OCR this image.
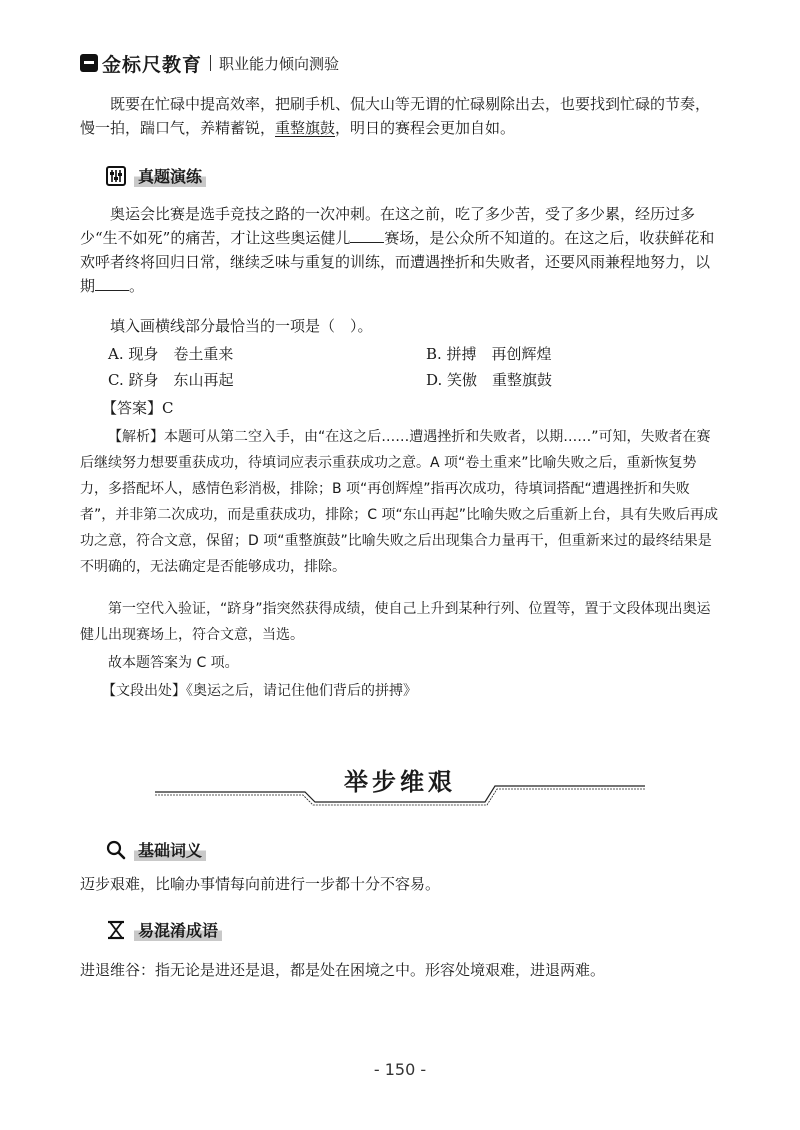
金标尺教育 职业能力倾向测验
既要在忙碌中提高效率，把刷手机、侃大山等无谓的忙碌剔除出去，也要找到忙碌的节奏，慢一拍，踹口气，养精蓄锐，重整旗鼓，明日的赛程会更加自如。
真题演练
奥运会比赛是选手竞技之路的一次冲刺。在这之前，吃了多少苦，受了多少累，经历过多少“生不如死”的痛苦，才让这些奥运健儿 赛场，是公众所不知道的。在这之后，收获鲜花和欢呼者终将回归日常，继续乏味与重复的训练，而遭遇挫折和失败者，还要风雨兼程地努力，以期 。
填入画横线部分最恰当的一项是（　）。
A. 现身　卷土重来	B. 拼搏　再创辉煌
C. 跻身　东山再起	D. 笑傲　重整旗鼓
【答案】C
【解析】本题可从第二空入手，由“在这之后……遭遇挫折和失败者，以期……”可知，失败者在赛后继续努力想要重获成功，待填词应表示重获成功之意。A 项“卷土重来”比喻失败之后，重新恢复势力，多搭配坏人，感情色彩消极，排除；B 项“再创辉煌”指再次成功，待填词搭配“遭遇挫折和失败者”，并非第二次成功，而是重获成功，排除；C 项“东山再起”比喻失败之后重新上台，具有失败后再成功之意，符合文意，保留；D 项“重整旗鼓”比喻失败之后出现集合力量再干，但重新来过的最终结果是不明确的，无法确定是否能够成功，排除。
第一空代入验证，“跻身”指突然获得成绩，使自己上升到某种行列、位置等，置于文段体现出奥运健儿出现赛场上，符合文意，当选。
故本题答案为 C 项。
【文段出处】《奥运之后，请记住他们背后的拼搏》
举步维艰
基础词义
迈步艰难，比喻办事情每向前进行一步都十分不容易。
易混淆成语
进退维谷：指无论是进还是退，都是处在困境之中。形容处境艰难，进退两难。
- 150 -
